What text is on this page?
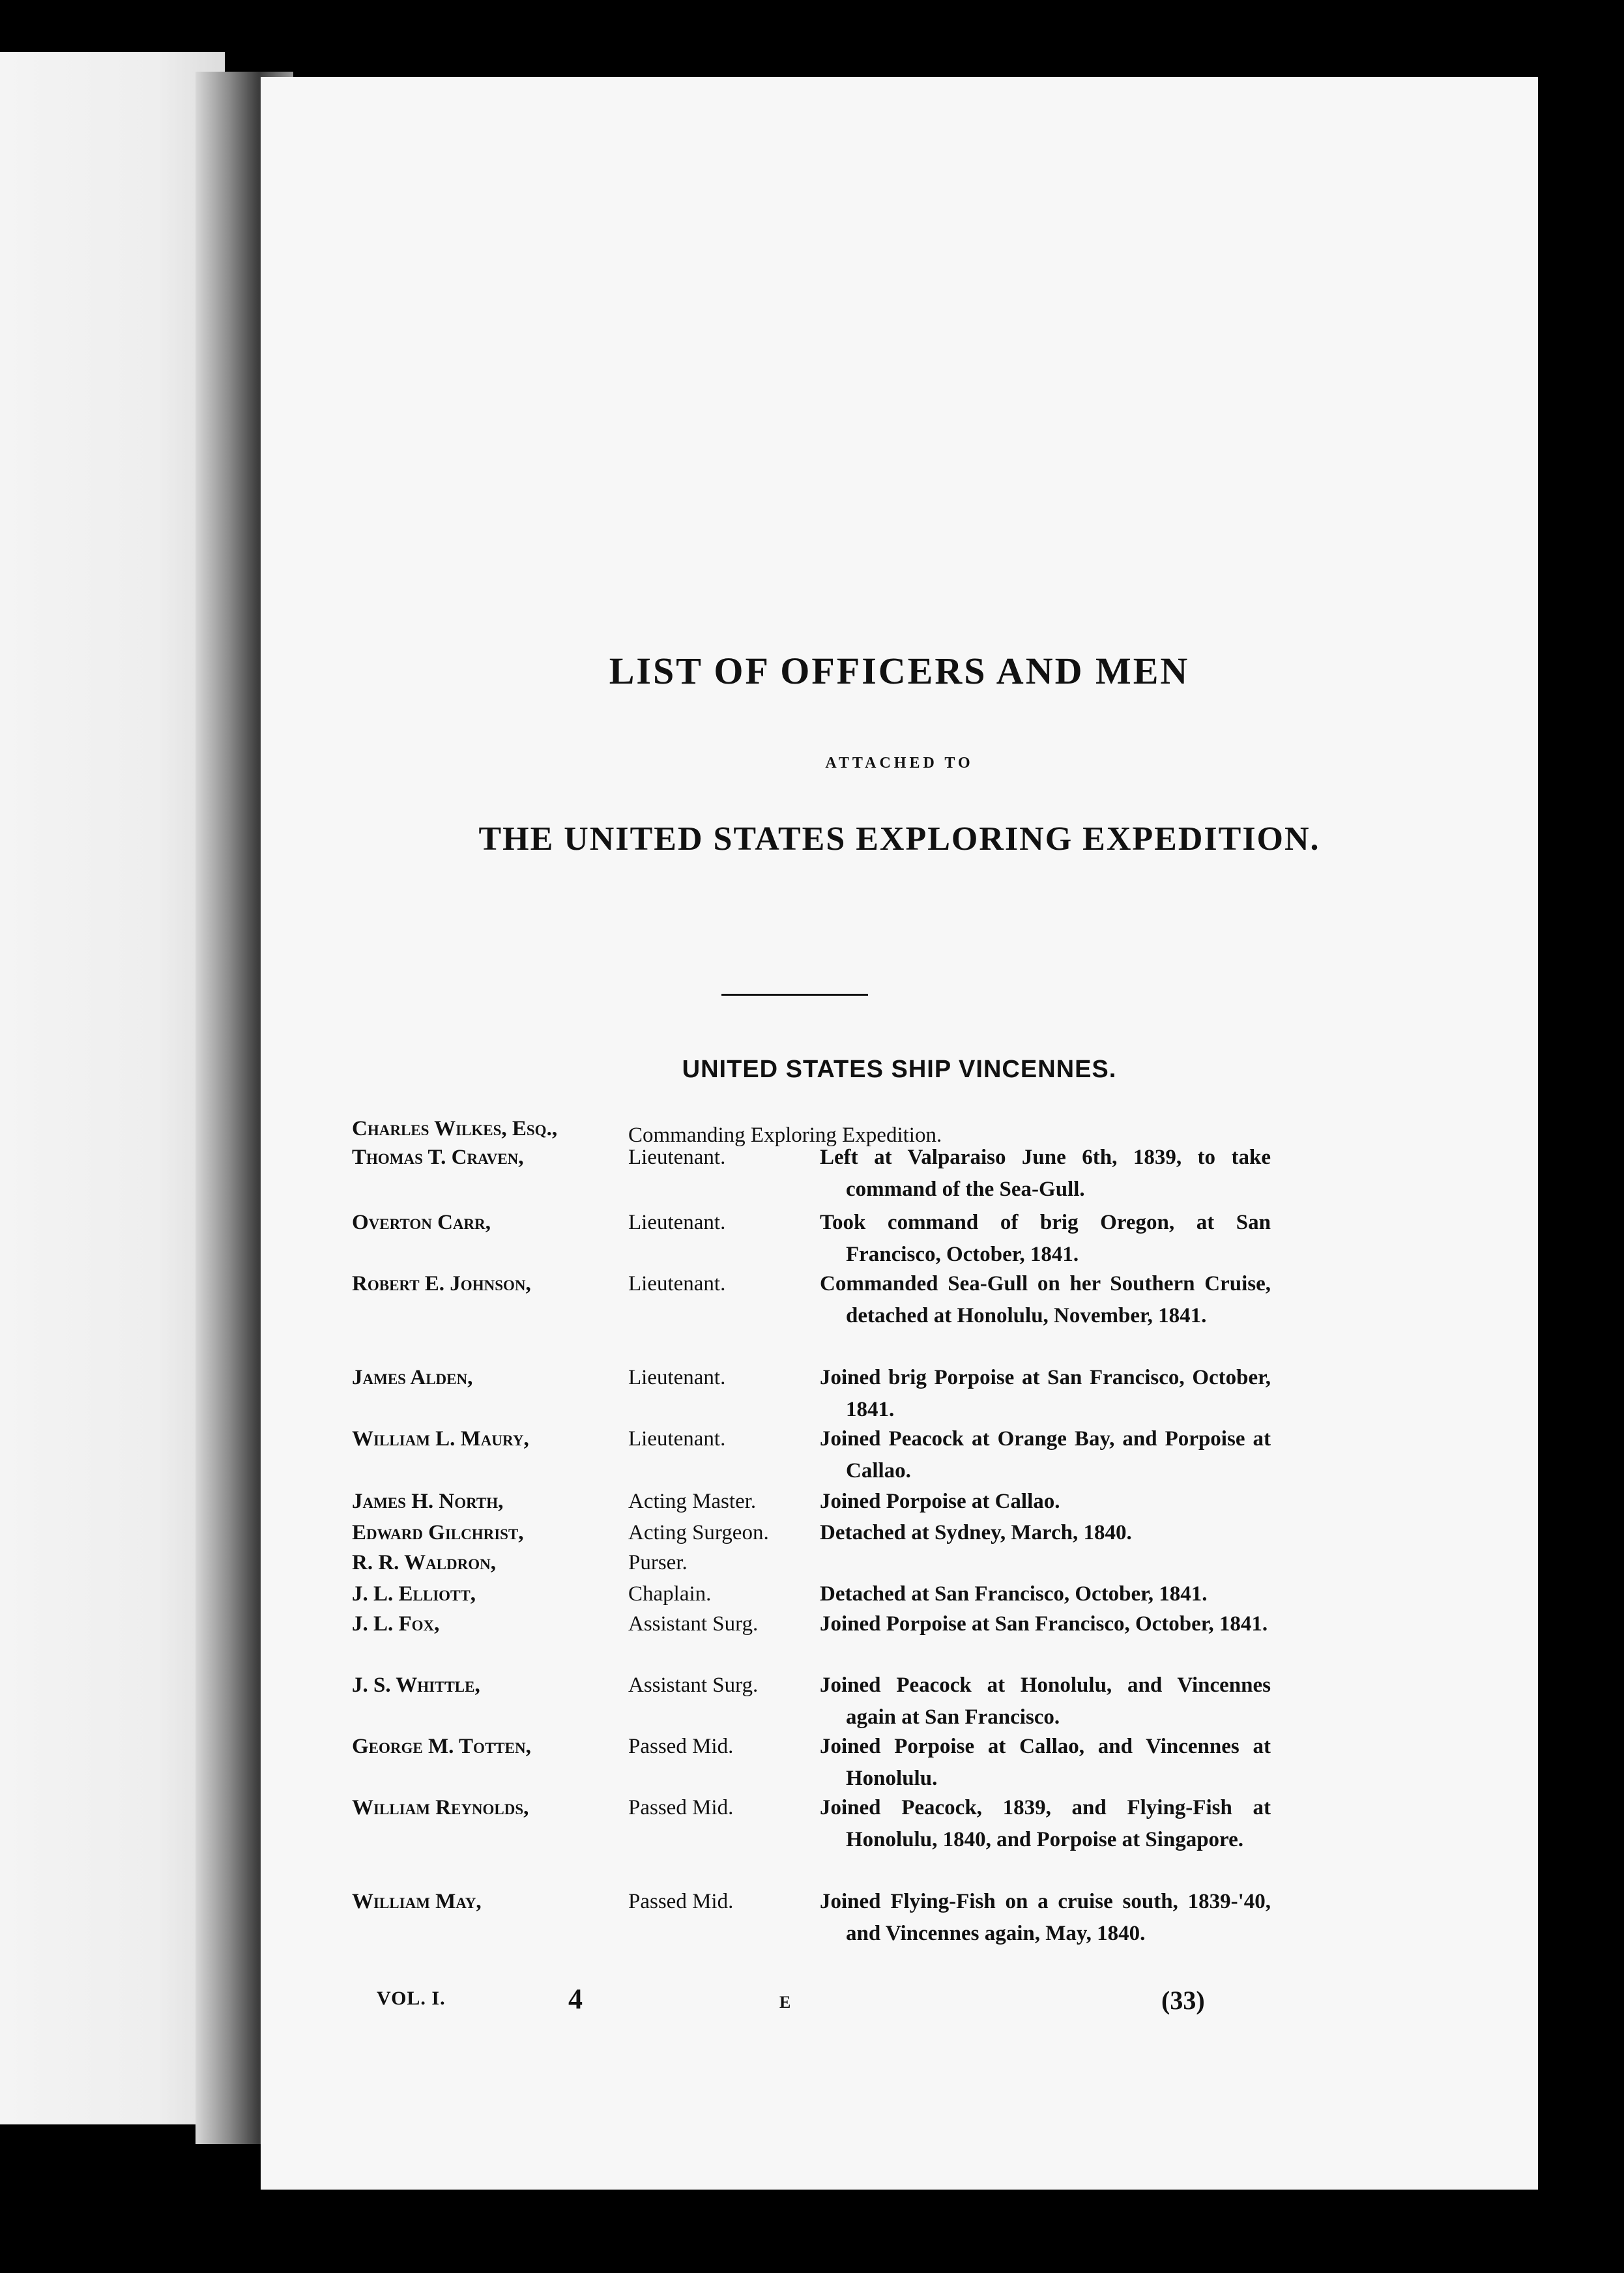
LIST OF OFFICERS AND MEN
ATTACHED TO
THE UNITED STATES EXPLORING EXPEDITION.
UNITED STATES SHIP VINCENNES.
Charles Wilkes, Esq.,	Commanding Exploring Expedition.
Thomas T. Craven,	Lieutenant.	Left at Valparaiso June 6th, 1839, to take command of the Sea-Gull.
Overton Carr,	Lieutenant.	Took command of brig Oregon, at San Francisco, October, 1841.
Robert E. Johnson,	Lieutenant.	Commanded Sea-Gull on her Southern Cruise, detached at Honolulu, November, 1841.
James Alden,	Lieutenant.	Joined brig Porpoise at San Francisco, October, 1841.
William L. Maury,	Lieutenant.	Joined Peacock at Orange Bay, and Porpoise at Callao.
James H. North,	Acting Master.	Joined Porpoise at Callao.
Edward Gilchrist,	Acting Surgeon.	Detached at Sydney, March, 1840.
R. R. Waldron,	Purser.
J. L. Elliott,	Chaplain.	Detached at San Francisco, October, 1841.
J. L. Fox,	Assistant Surg.	Joined Porpoise at San Francisco, October, 1841.
J. S. Whittle,	Assistant Surg.	Joined Peacock at Honolulu, and Vincennes again at San Francisco.
George M. Totten,	Passed Mid.	Joined Porpoise at Callao, and Vincennes at Honolulu.
William Reynolds,	Passed Mid.	Joined Peacock, 1839, and Flying-Fish at Honolulu, 1840, and Porpoise at Singapore.
William May,	Passed Mid.	Joined Flying-Fish on a cruise south, 1839-'40, and Vincennes again, May, 1840.
VOL. I.	4	E	(33)
